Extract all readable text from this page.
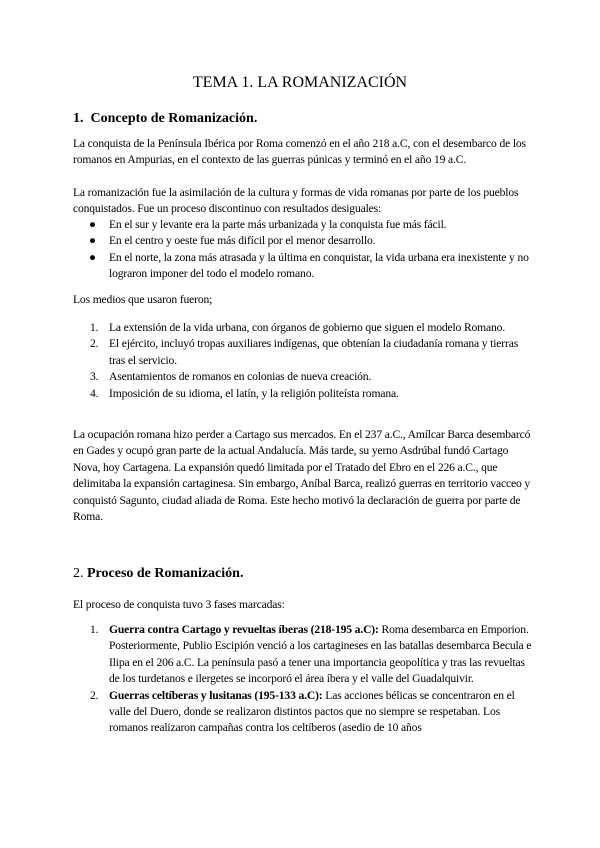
TEMA 1. LA ROMANIZACIÓN
1. Concepto de Romanización.
La conquista de la Península Ibérica por Roma comenzó en el año 218 a.C, con el desembarco de los romanos en Ampurias, en el contexto de las guerras púnicas y terminó en el año 19 a.C.
La romanización fue la asimilación de la cultura y formas de vida romanas por parte de los pueblos conquistados. Fue un proceso discontinuo con resultados desiguales:
● En el sur y levante era la parte más urbanizada y la conquista fue más fácil.
● En el centro y oeste fue más difícil por el menor desarrollo.
● En el norte, la zona más atrasada y la última en conquistar, la vida urbana era inexistente y no lograron imponer del todo el modelo romano.
Los medios que usaron fueron;
1. La extensión de la vida urbana, con órganos de gobierno que siguen el modelo Romano.
2. El ejército, incluyó tropas auxiliares indígenas, que obtenían la ciudadanía romana y tierras tras el servicio.
3. Asentamientos de romanos en colonias de nueva creación.
4. Imposición de su idioma, el latín, y la religión politeísta romana.
La ocupación romana hizo perder a Cartago sus mercados. En el 237 a.C., Amílcar Barca desembarcó en Gades y ocupó gran parte de la actual Andalucía. Más tarde, su yerno Asdrúbal fundó Cartago Nova, hoy Cartagena. La expansión quedó limitada por el Tratado del Ebro en el 226 a.C., que delimitaba la expansión cartaginesa. Sin embargo, Aníbal Barca, realizó guerras en territorio vacceo y conquistó Sagunto, ciudad aliada de Roma. Este hecho motivó la declaración de guerra por parte de Roma.
2. Proceso de Romanización.
El proceso de conquista tuvo 3 fases marcadas:
1. Guerra contra Cartago y revueltas íberas (218-195 a.C): Roma desembarca en Emporion. Posteriormente, Publio Escipión venció a los cartagineses en las batallas desembarca Becula e Ilipa en el 206 a.C. La península pasó a tener una importancia geopolítica y tras las revueltas de los turdetanos e ilergetes se incorporó el área íbera y el valle del Guadalquivir.
2. Guerras celtíberas y lusitanas (195-133 a.C): Las acciones bélicas se concentraron en el valle del Duero, donde se realizaron distintos pactos que no siempre se respetaban. Los romanos realizaron campañas contra los celtíberos (asedio de 10 años
